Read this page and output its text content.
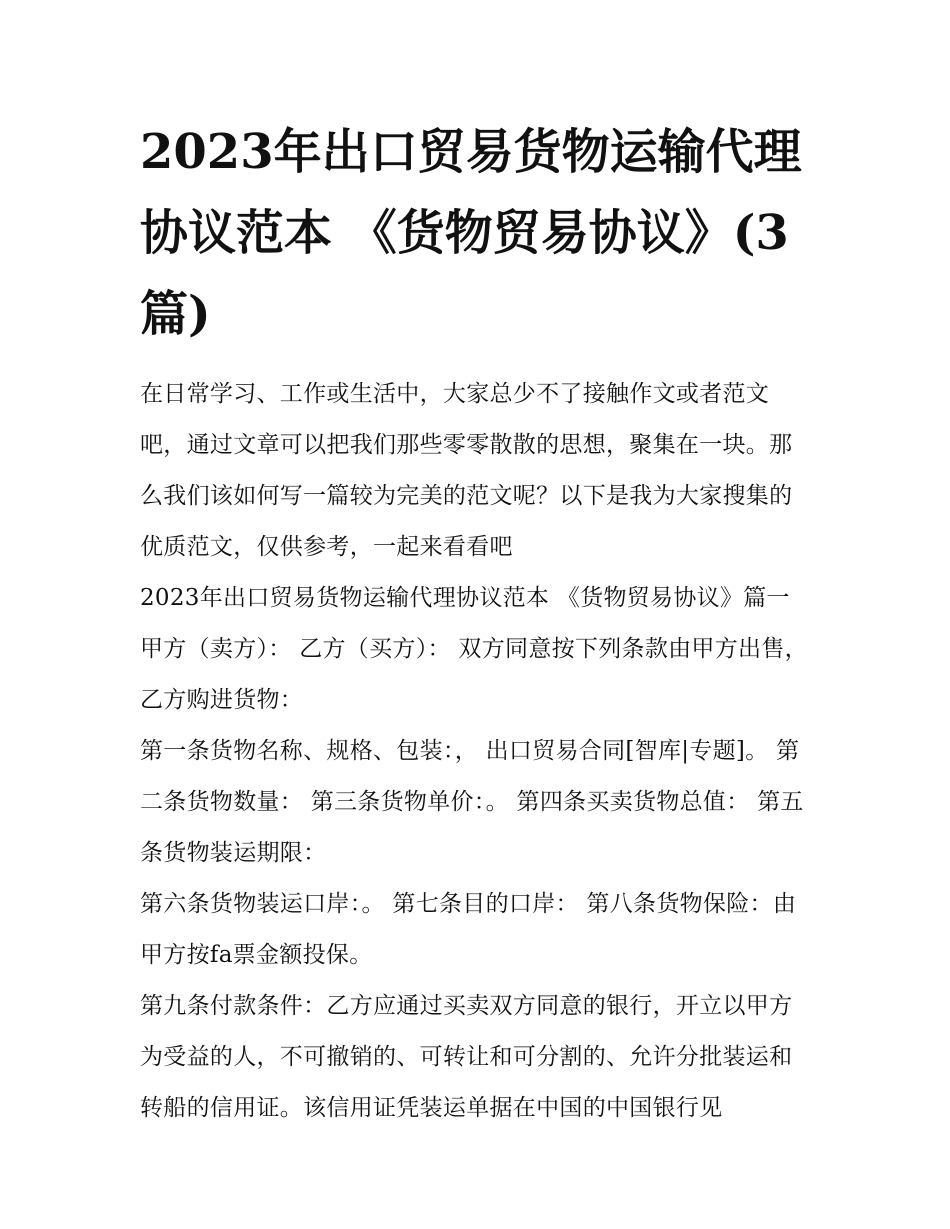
2023年出口贸易货物运输代理协议范本 《货物贸易协议》(3篇)

在日常学习、工作或生活中，大家总少不了接触作文或者范文吧，通过文章可以把我们那些零零散散的思想，聚集在一块。那么我们该如何写一篇较为完美的范文呢？以下是我为大家搜集的优质范文，仅供参考，一起来看看吧

2023年出口贸易货物运输代理协议范本 《货物贸易协议》篇一 甲方（卖方）： 乙方（买方）： 双方同意按下列条款由甲方出售，乙方购进货物：

第一条货物名称、规格、包装：， 出口贸易合同[智库|专题]。 第二条货物数量： 第三条货物单价：。 第四条买卖货物总值： 第五条货物装运期限：

第六条货物装运口岸：。 第七条目的口岸： 第八条货物保险：由甲方按fa票金额投保。

第九条付款条件：乙方应通过买卖双方同意的银行，开立以甲方为受益的人，不可撤销的、可转让和可分割的、允许分批装运和转船的信用证。该信用证凭装运单据在中国的中国银行见
